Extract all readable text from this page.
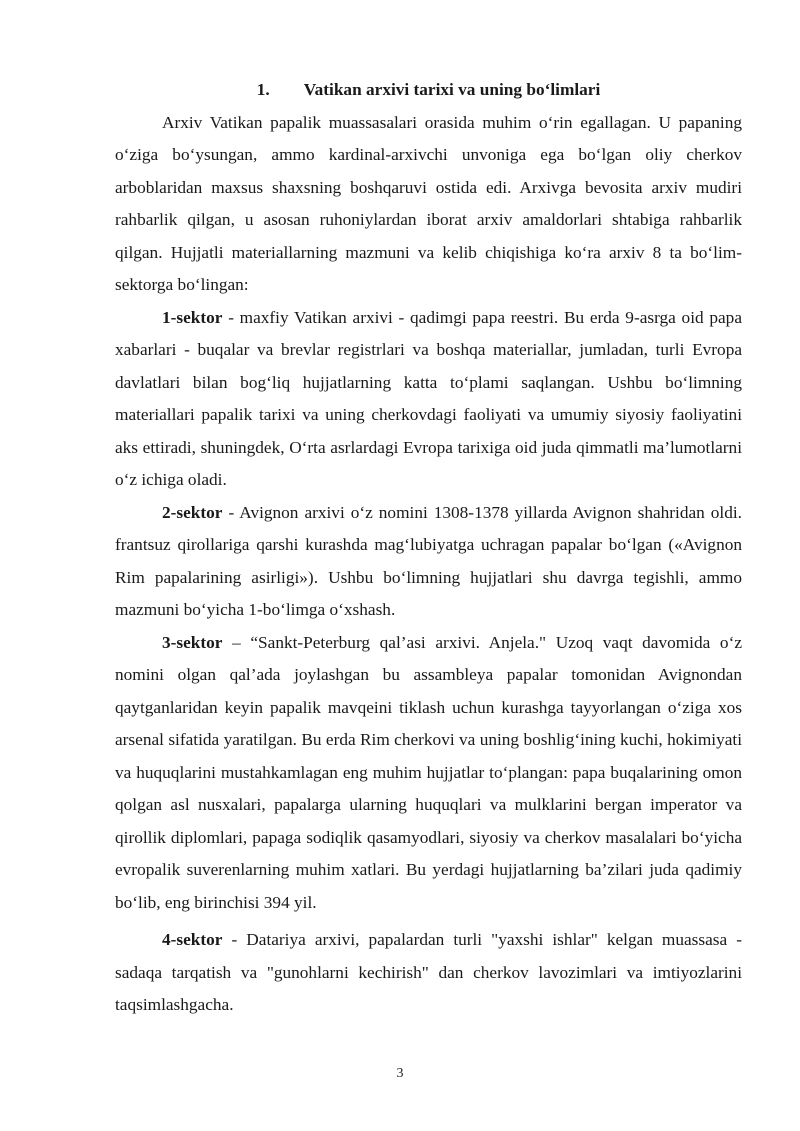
1. Vatikan arxivi tarixi va uning bo‘limlari

Arxiv Vatikan papalik muassasalari orasida muhim o‘rin egallagan. U papaning o‘ziga bo‘ysungan, ammo kardinal-arxivchi unvoniga ega bo‘lgan oliy cherkov arboblaridan maxsus shaxsning boshqaruvi ostida edi. Arxivga bevosita arxiv mudiri rahbarlik qilgan, u asosan ruhoniylardan iborat arxiv amaldorlari shtabiga rahbarlik qilgan. Hujjatli materiallarning mazmuni va kelib chiqishiga ko‘ra arxiv 8 ta bo‘lim-sektorga bo‘lingan:

1-sektor - maxfiy Vatikan arxivi - qadimgi papa reestri. Bu erda 9-asrga oid papa xabarlari - buqalar va brevlar registrlari va boshqa materiallar, jumladan, turli Evropa davlatlari bilan bog‘liq hujjatlarning katta to‘plami saqlangan. Ushbu bo‘limning materiallari papalik tarixi va uning cherkovdagi faoliyati va umumiy siyosiy faoliyatini aks ettiradi, shuningdek, O‘rta asrlardagi Evropa tarixiga oid juda qimmatli ma’lumotlarni o‘z ichiga oladi.

2-sektor - Avignon arxivi o‘z nomini 1308-1378 yillarda Avignon shahridan oldi. frantsuz qirollariga qarshi kurashda mag‘lubiyatga uchragan papalar bo‘lgan («Avignon Rim papalarining asirligi»). Ushbu bo‘limning hujjatlari shu davrga tegishli, ammo mazmuni bo‘yicha 1-bo‘limga o‘xshash.

3-sektor – “Sankt-Peterburg qal’asi arxivi. Anjela." Uzoq vaqt davomida o‘z nomini olgan qal’ada joylashgan bu assambleya papalar tomonidan Avignondan qaytganlaridan keyin papalik mavqeini tiklash uchun kurashga tayyorlangan o‘ziga xos arsenal sifatida yaratilgan. Bu erda Rim cherkovi va uning boshlig‘ining kuchi, hokimiyati va huquqlarini mustahkamlagan eng muhim hujjatlar to‘plangan: papa buqalarining omon qolgan asl nusxalari, papalarga ularning huquqlari va mulklarini bergan imperator va qirollik diplomlari, papaga sodiqlik qasamyodlari, siyosiy va cherkov masalalari bo‘yicha evropalik suverenlarning muhim xatlari. Bu yerdagi hujjatlarning ba’zilari juda qadimiy bo‘lib, eng birinchisi 394 yil.

4-sektor - Datariya arxivi, papalardan turli "yaxshi ishlar" kelgan muassasa - sadaqa tarqatish va "gunohlarni kechirish" dan cherkov lavozimlari va imtiyozlarini taqsimlashgacha.

3
